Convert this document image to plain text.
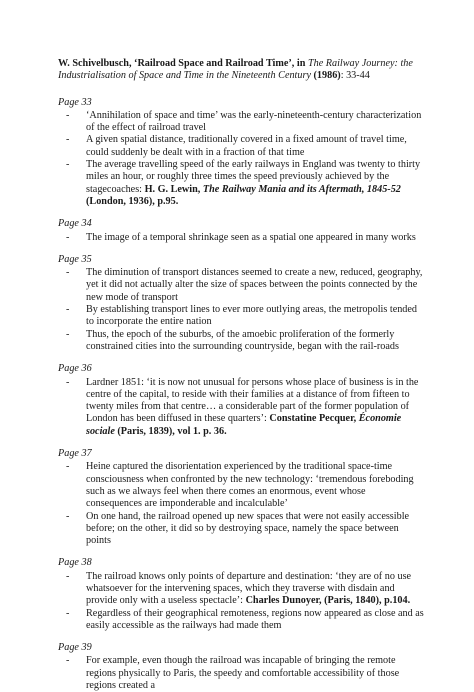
W. Schivelbusch, ‘Railroad Space and Railroad Time’, in The Railway Journey: the Industrialisation of Space and Time in the Nineteenth Century (1986): 33-44
Page 33
- ‘Annihilation of space and time’ was the early-nineteenth-century characterization of the effect of railroad travel
- A given spatial distance, traditionally covered in a fixed amount of travel time, could suddenly be dealt with in a fraction of that time
- The average travelling speed of the early railways in England was twenty to thirty miles an hour, or roughly three times the speed previously achieved by the stagecoaches: H. G. Lewin, The Railway Mania and its Aftermath, 1845-52 (London, 1936), p.95.
Page 34
- The image of a temporal shrinkage seen as a spatial one appeared in many works
Page 35
- The diminution of transport distances seemed to create a new, reduced, geography, yet it did not actually alter the size of spaces between the points connected by the new mode of transport
- By establishing transport lines to ever more outlying areas, the metropolis tended to incorporate the entire nation
- Thus, the epoch of the suburbs, of the amoebic proliferation of the formerly constrained cities into the surrounding countryside, began with the rail-roads
Page 36
- Lardner 1851: ‘it is now not unusual for persons whose place of business is in the centre of the capital, to reside with their families at a distance of from fifteen to twenty miles from that centre… a considerable part of the former population of London has been diffused in these quarters’: Constatine Pecquer, Économie sociale (Paris, 1839), vol 1. p. 36.
Page 37
- Heine captured the disorientation experienced by the traditional space-time consciousness when confronted by the new technology: ‘tremendous foreboding such as we always feel when there comes an enormous, event whose consequences are imponderable and incalculable’
- On one hand, the railroad opened up new spaces that were not easily accessible before; on the other, it did so by destroying space, namely the space between points
Page 38
- The railroad knows only points of departure and destination: ‘they are of no use whatsoever for the intervening spaces, which they traverse with disdain and provide only with a useless spectacle’: Charles Dunoyer, (Paris, 1840), p.104.
- Regardless of their geographical remoteness, regions now appeared as close and as easily accessible as the railways had made them
Page 39
- For example, even though the railroad was incapable of bringing the remote regions physically to Paris, the speedy and comfortable accessibility of those regions created a
